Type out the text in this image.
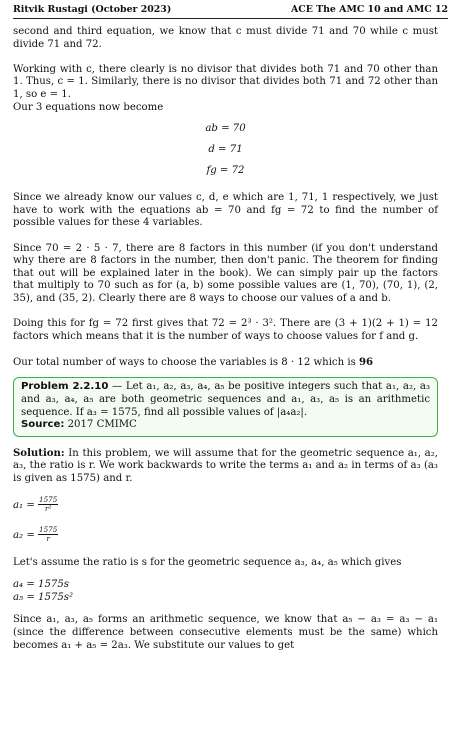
Ritvik Rustagi (October 2023)	ACE The AMC 10 and AMC 12

second and third equation, we know that c must divide 71 and 70 while c must divide 71 and 72.

Working with c, there clearly is no divisor that divides both 71 and 70 other than 1. Thus, c = 1. Similarly, there is no divisor that divides both 71 and 72 other than 1, so e = 1.

Our 3 equations now become

ab = 70
d = 71
fg = 72

Since we already know our values c, d, e which are 1, 71, 1 respectively, we just have to work with the equations ab = 70 and fg = 72 to find the number of possible values for these 4 variables.

Since 70 = 2 · 5 · 7, there are 8 factors in this number (if you don't understand why there are 8 factors in the number, then don't panic. The theorem for finding that out will be explained later in the book). We can simply pair up the factors that multiply to 70 such as for (a, b) some possible values are (1, 70), (70, 1), (2, 35), and (35, 2). Clearly there are 8 ways to choose our values of a and b.

Doing this for fg = 72 first gives that 72 = 2³ · 3². There are (3 + 1)(2 + 1) = 12 factors which means that it is the number of ways to choose values for f and g.

Our total number of ways to choose the variables is 8 · 12 which is 96

Problem 2.2.10 — Let a₁, a₂, a₃, a₄, a₅ be positive integers such that a₁, a₂, a₃ and a₃, a₄, a₅ are both geometric sequences and a₁, a₃, a₅ is an arithmetic sequence. If a₃ = 1575, find all possible values of |a₄a₂|.

Source: 2017 CMIMC

Solution: In this problem, we will assume that for the geometric sequence a₁, a₂, a₃, the ratio is r. We work backwards to write the terms a₁ and a₂ in terms of a₃ (a₃ is given as 1575) and r.

$a_1 = \frac{1575}{\text{r²}}$

$a_2 = \frac{1575}{r}$

Let's assume the ratio is s for the geometric sequence a₃, a₄, a₅ which gives

a₄ = 1575s

a₅ = 1575s²

Since a₁, a₃, a₅ forms an arithmetic sequence, we know that a₅ − a₃ = a₃ − a₁ (since the difference between consecutive elements must be the same) which becomes a₁ + a₅ = 2a₃. We substitute our values to get
